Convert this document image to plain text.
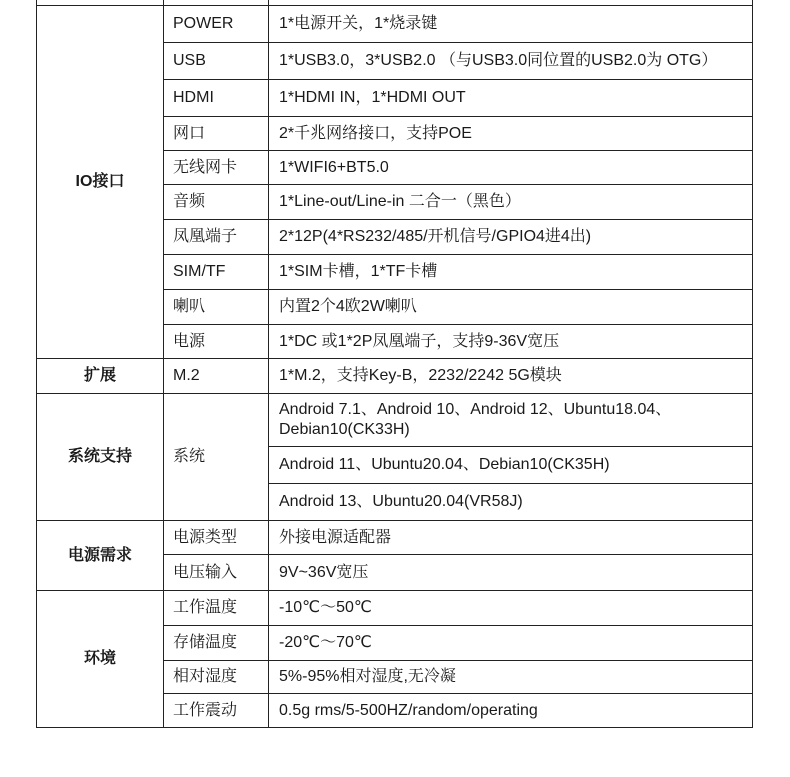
IO接口	POWER	1*电源开关，1*烧录键
	USB	1*USB3.0，3*USB2.0 （与USB3.0同位置的USB2.0为 OTG）
	HDMI	1*HDMI IN，1*HDMI OUT
	网口	2*千兆网络接口，支持POE
	无线网卡	1*WIFI6+BT5.0
	音频	1*Line-out/Line-in 二合一（黑色）
	凤凰端子	2*12P(4*RS232/485/开机信号/GPIO4进4出)
	SIM/TF	1*SIM卡槽，1*TF卡槽
	喇叭	内置2个4欧2W喇叭
	电源	1*DC 或1*2P凤凰端子，支持9-36V宽压
扩展	M.2	1*M.2，支持Key-B，2232/2242 5G模块
系统支持	系统	Android 7.1、Android 10、Android 12、Ubuntu18.04、Debian10(CK33H)
		Android 11、Ubuntu20.04、Debian10(CK35H)
		Android 13、Ubuntu20.04(VR58J)
电源需求	电源类型	外接电源适配器
	电压输入	9V~36V宽压
环境	工作温度	-10℃～50℃
	存储温度	-20℃～70℃
	相对湿度	5%-95%相对湿度,无冷凝
	工作震动	0.5g rms/5-500HZ/random/operating
